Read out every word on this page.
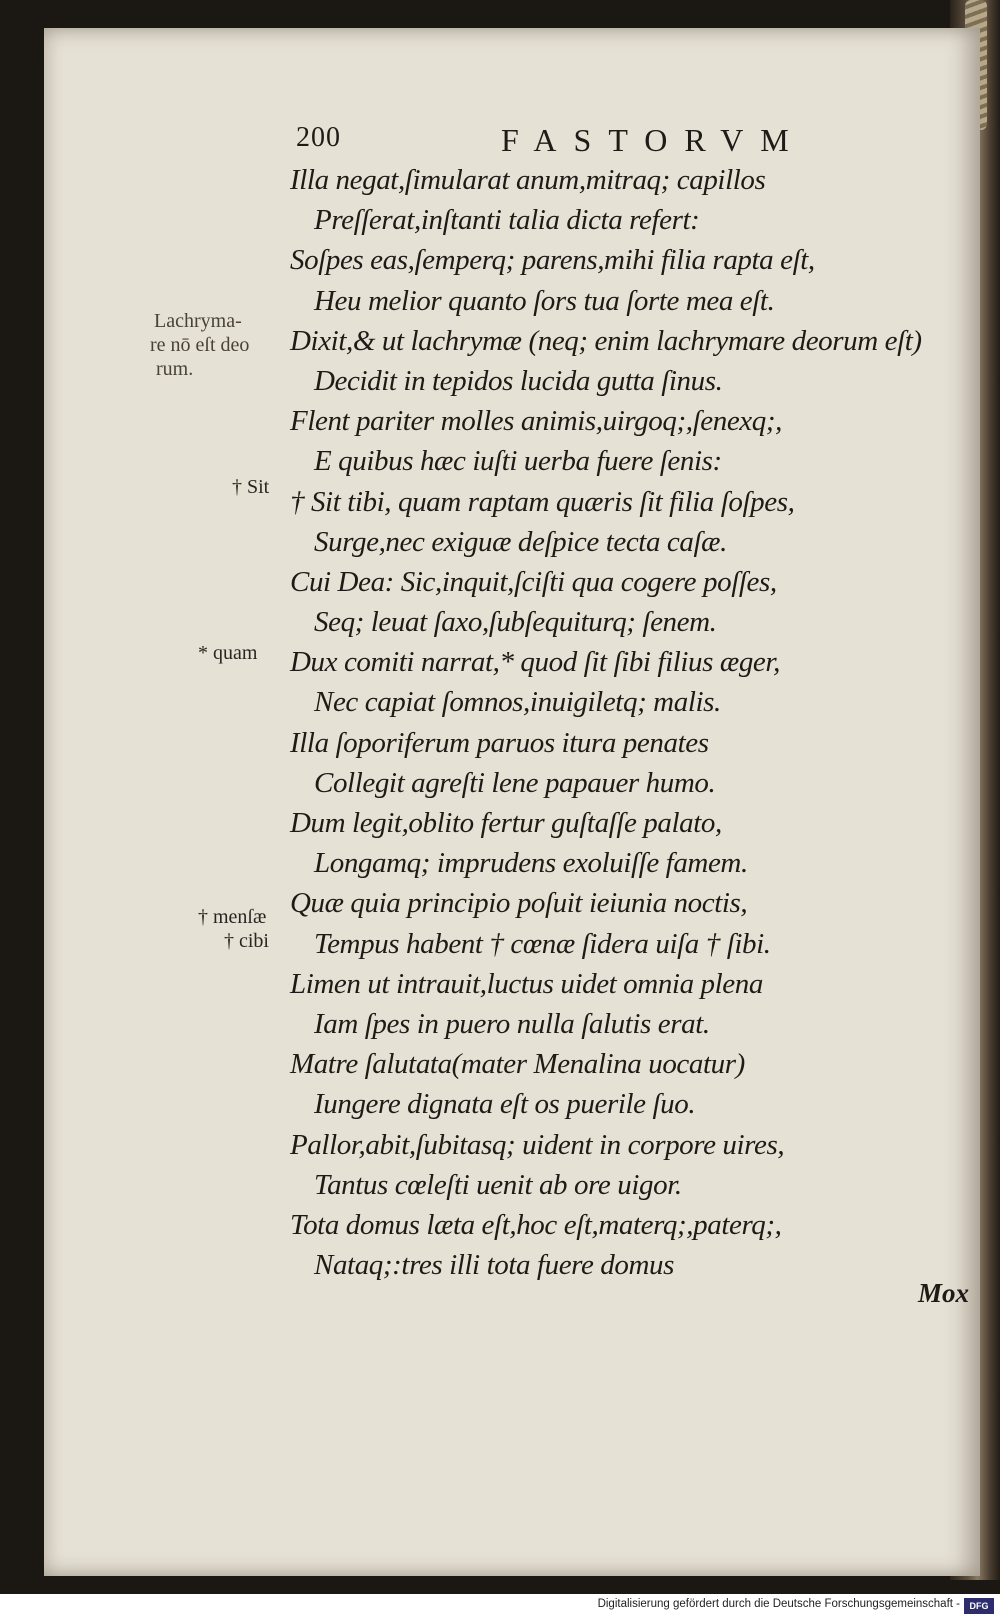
200	FASTORVM
Illa negat,ſimularat anum,mitraq; capillos
Preſſerat,inſtanti talia dicta refert:
Soſpes eas,ſemperq; parens,mihi filia rapta eſt,
Heu melior quanto ſors tua ſorte mea eſt.
Dixit,& ut lachrymæ (neq; enim lachrymare deorum eſt)
Decidit in tepidos lucida gutta ſinus.
Flent pariter molles animis,uirgoq;,ſenexq;,
E quibus hæc iuſti uerba fuere ſenis:
† Sit tibi, quam raptam quæris ſit filia ſoſpes,
Surge,nec exiguæ deſpice tecta caſæ.
Cui Dea: Sic,inquit,ſciſti qua cogere poſſes,
Seq; leuat ſaxo,ſubſequiturq; ſenem.
Dux comiti narrat,* quod ſit ſibi filius æger,
Nec capiat ſomnos,inuigiletq; malis.
Illa ſoporiferum paruos itura penates
Collegit agreſti lene papauer humo.
Dum legit,oblito fertur guſtaſſe palato,
Longamq; imprudens exoluiſſe famem.
Quæ quia principio poſuit ieiunia noctis,
Tempus habent † cœnæ ſidera uiſa † ſibi.
Limen ut intrauit,luctus uidet omnia plena
Iam ſpes in puero nulla ſalutis erat.
Matre ſalutata(mater Menalina uocatur)
Iungere dignata eſt os puerile ſuo.
Pallor,abit,ſubitasq; uident in corpore uires,
Tantus cœleſti uenit ab ore uigor.
Tota domus læta eſt,hoc eſt,materq;,paterq;,
Nataq;:tres illi tota fuere domus
Lachryma-
re nō eſt deo
rum.
† Sit
* quam
† menſæ
† cibi
Mox
Digitalisierung gefördert durch die Deutsche Forschungsgemeinschaft -	DFG
